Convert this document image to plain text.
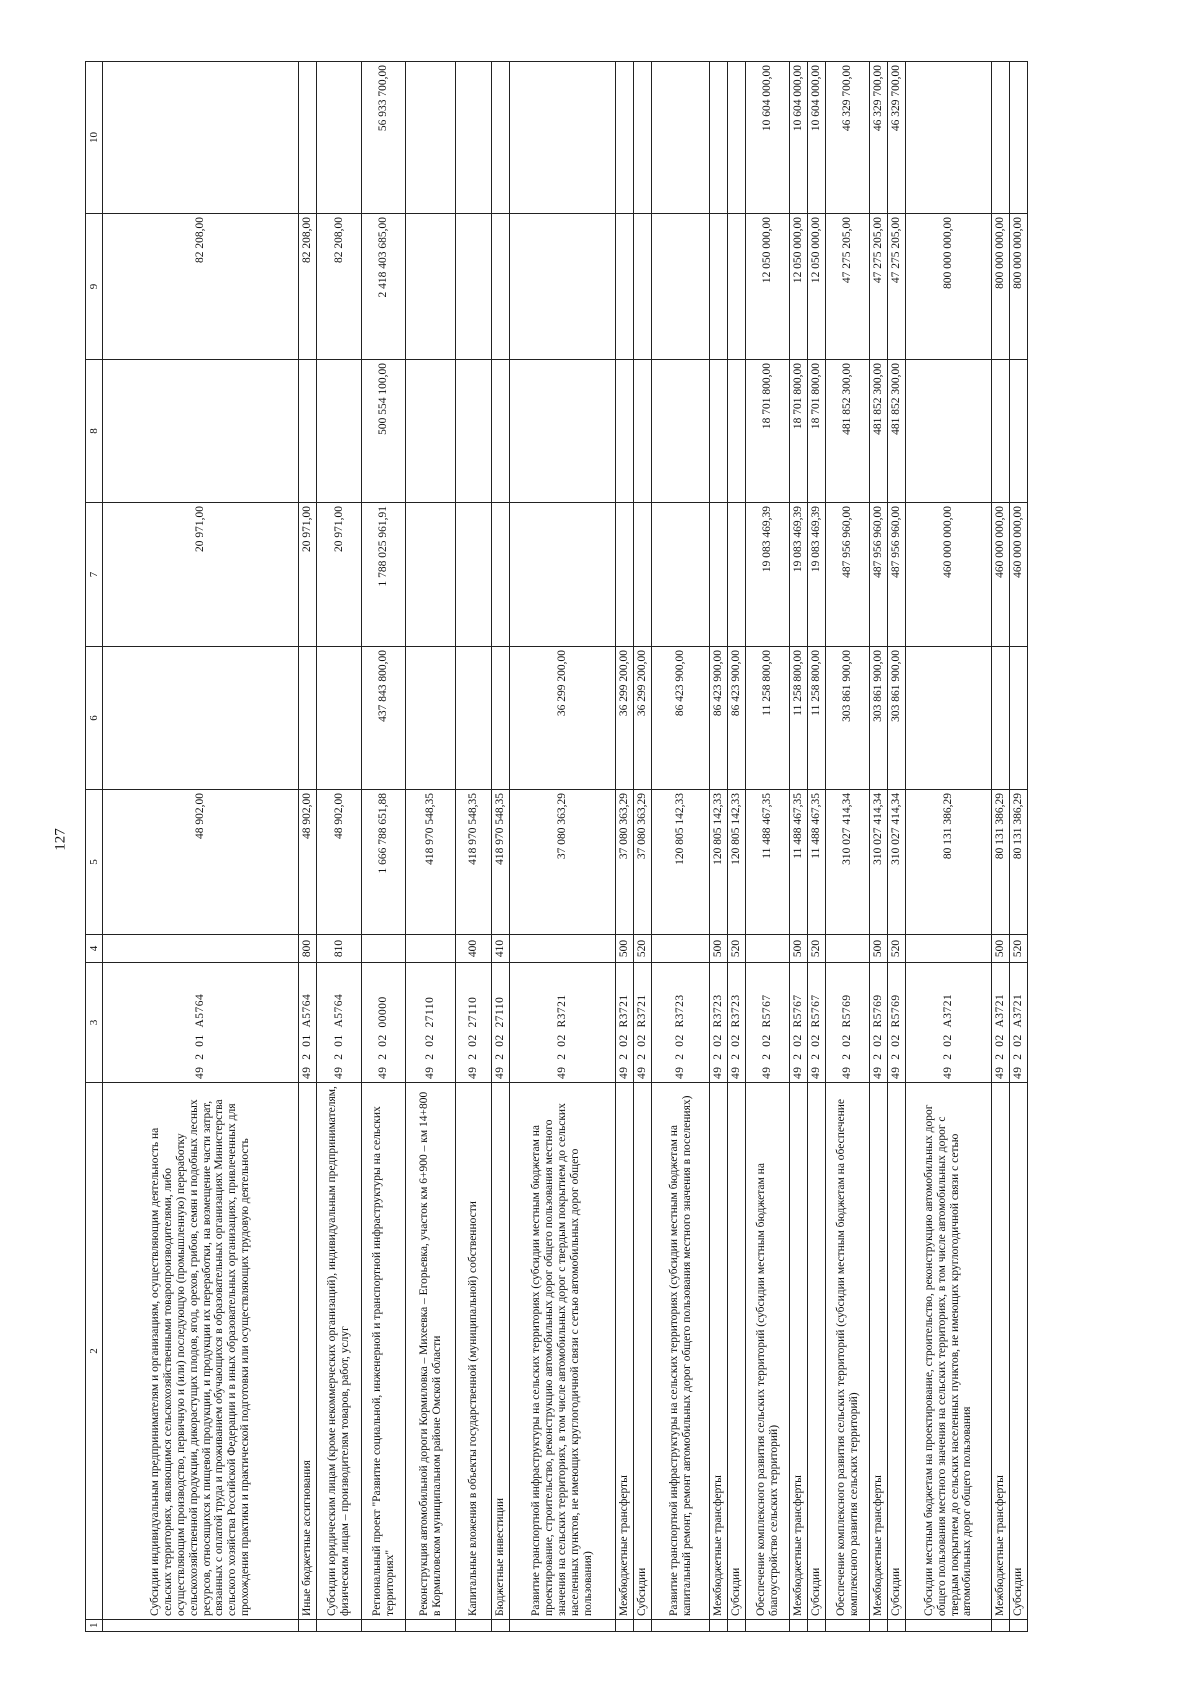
127
1	2	3	4	5	6	7	8	9	10
	Субсидии индивидуальным предпринимателям и организациям, осуществляющим деятельность на сельских территориях, являющимся сельскохозяйственными товаропроизводителями, либо осуществляющим производство, первичную и (или) последующую (промышленную) переработку сельскохозяйственной продукции, дикорастущих плодов, ягод, орехов, грибов, семян и подобных лесных ресурсов, относящихся к пищевой продукции, и продукции их переработки, на возмещение части затрат, связанных с оплатой труда и проживанием обучающихся в образовательных организациях Министерства сельского хозяйства Российской Федерации и в иных образовательных организациях, привлеченных для прохождения практики и практической подготовки или осуществляющих трудовую деятельность	49  2  01  А5764		48 902,00		20 971,00		82 208,00	
	Иные бюджетные ассигнования	49  2  01  А5764	800	48 902,00		20 971,00		82 208,00	
	Субсидии юридическим лицам (кроме некоммерческих организаций), индивидуальным предпринимателям, физическим лицам – производителям товаров, работ, услуг	49  2  01  А5764	810	48 902,00		20 971,00		82 208,00	
	Региональный проект "Развитие социальной, инженерной и транспортной инфраструктуры на сельских территориях"	49  2  02  00000		1 666 788 651,88	437 843 800,00	1 788 025 961,91	500 554 100,00	2 418 403 685,00	56 933 700,00
	Реконструкция автомобильной дороги Кормиловка – Михеевка – Егорьевка, участок км 6+900 – км 14+800 в Кормиловском муниципальном районе Омской области	49  2  02  27110		418 970 548,35					
	Капитальные вложения в объекты государственной (муниципальной) собственности	49  2  02  27110	400	418 970 548,35					
	Бюджетные инвестиции	49  2  02  27110	410	418 970 548,35					
	Развитие транспортной инфраструктуры на сельских территориях (субсидии местным бюджетам на проектирование, строительство, реконструкцию автомобильных дорог общего пользования местного значения на сельских территориях, в том числе автомобильных дорог с твердым покрытием до сельских населенных пунктов, не имеющих круглогодичной связи с сетью автомобильных дорог общего пользования)	49  2  02  R3721		37 080 363,29	36 299 200,00				
	Межбюджетные трансферты	49  2  02  R3721	500	37 080 363,29	36 299 200,00				
	Субсидии	49  2  02  R3721	520	37 080 363,29	36 299 200,00				
	Развитие транспортной инфраструктуры на сельских территориях (субсидии местным бюджетам на капитальный ремонт, ремонт автомобильных дорог общего пользования местного значения в поселениях)	49  2  02  R3723		120 805 142,33	86 423 900,00				
	Межбюджетные трансферты	49  2  02  R3723	500	120 805 142,33	86 423 900,00				
	Субсидии	49  2  02  R3723	520	120 805 142,33	86 423 900,00				
	Обеспечение комплексного развития сельских территорий (субсидии местным бюджетам на благоустройство сельских территорий)	49  2  02  R5767		11 488 467,35	11 258 800,00	19 083 469,39	18 701 800,00	12 050 000,00	10 604 000,00
	Межбюджетные трансферты	49  2  02  R5767	500	11 488 467,35	11 258 800,00	19 083 469,39	18 701 800,00	12 050 000,00	10 604 000,00
	Субсидии	49  2  02  R5767	520	11 488 467,35	11 258 800,00	19 083 469,39	18 701 800,00	12 050 000,00	10 604 000,00
	Обеспечение комплексного развития сельских территорий (субсидии местным бюджетам на обеспечение комплексного развития сельских территорий)	49  2  02  R5769		310 027 414,34	303 861 900,00	487 956 960,00	481 852 300,00	47 275 205,00	46 329 700,00
	Межбюджетные трансферты	49  2  02  R5769	500	310 027 414,34	303 861 900,00	487 956 960,00	481 852 300,00	47 275 205,00	46 329 700,00
	Субсидии	49  2  02  R5769	520	310 027 414,34	303 861 900,00	487 956 960,00	481 852 300,00	47 275 205,00	46 329 700,00
	Субсидии местным бюджетам на проектирование, строительство, реконструкцию автомобильных дорог общего пользования местного значения на сельских территориях, в том числе автомобильных дорог с твердым покрытием до сельских населенных пунктов, не имеющих круглогодичной связи с сетью автомобильных дорог общего пользования	49  2  02  А3721		80 131 386,29		460 000 000,00		800 000 000,00	
	Межбюджетные трансферты	49  2  02  А3721	500	80 131 386,29		460 000 000,00		800 000 000,00	
	Субсидии	49  2  02  А3721	520	80 131 386,29		460 000 000,00		800 000 000,00	
